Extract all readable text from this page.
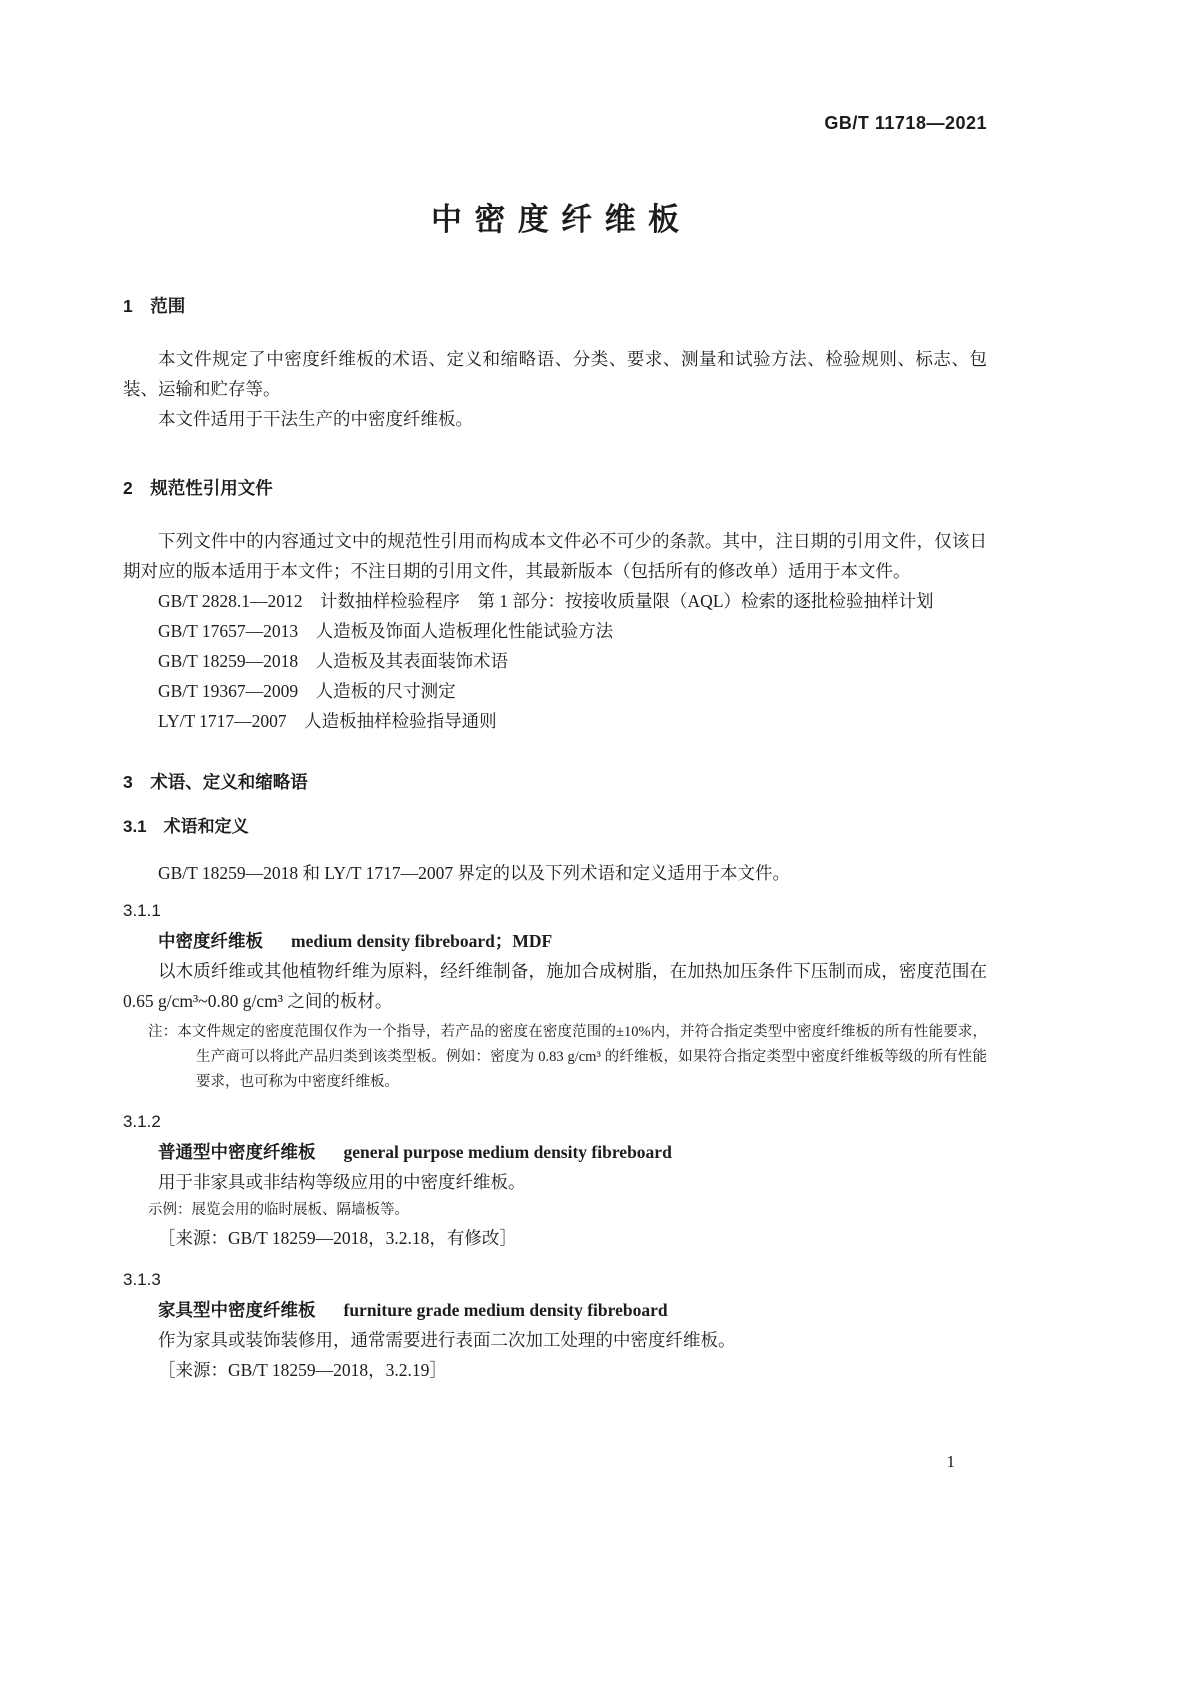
GB/T 11718—2021
中密度纤维板
1　范围

本文件规定了中密度纤维板的术语、定义和缩略语、分类、要求、测量和试验方法、检验规则、标志、包装、运输和贮存等。

本文件适用于干法生产的中密度纤维板。

2　规范性引用文件

下列文件中的内容通过文中的规范性引用而构成本文件必不可少的条款。其中，注日期的引用文件，仅该日期对应的版本适用于本文件；不注日期的引用文件，其最新版本（包括所有的修改单）适用于本文件。

GB/T 2828.1—2012　计数抽样检验程序　第 1 部分：按接收质量限（AQL）检索的逐批检验抽样计划

GB/T 17657—2013　人造板及饰面人造板理化性能试验方法

GB/T 18259—2018　人造板及其表面装饰术语

GB/T 19367—2009　人造板的尺寸测定

LY/T 1717—2007　人造板抽样检验指导通则

3　术语、定义和缩略语
3.1　术语和定义

GB/T 18259—2018 和 LY/T 1717—2007 界定的以及下列术语和定义适用于本文件。

3.1.1

中密度纤维板 medium density fibreboard；MDF

以木质纤维或其他植物纤维为原料，经纤维制备，施加合成树脂，在加热加压条件下压制而成，密度范围在 0.65 g/cm³~0.80 g/cm³ 之间的板材。

注：本文件规定的密度范围仅作为一个指导，若产品的密度在密度范围的±10%内，并符合指定类型中密度纤维板的所有性能要求，生产商可以将此产品归类到该类型板。例如：密度为 0.83 g/cm³ 的纤维板，如果符合指定类型中密度纤维板等级的所有性能要求，也可称为中密度纤维板。

3.1.2

普通型中密度纤维板 general purpose medium density fibreboard

用于非家具或非结构等级应用的中密度纤维板。

示例：展览会用的临时展板、隔墙板等。

［来源：GB/T 18259—2018，3.2.18，有修改］

3.1.3

家具型中密度纤维板 furniture grade medium density fibreboard

作为家具或装饰装修用，通常需要进行表面二次加工处理的中密度纤维板。

［来源：GB/T 18259—2018，3.2.19］

1
